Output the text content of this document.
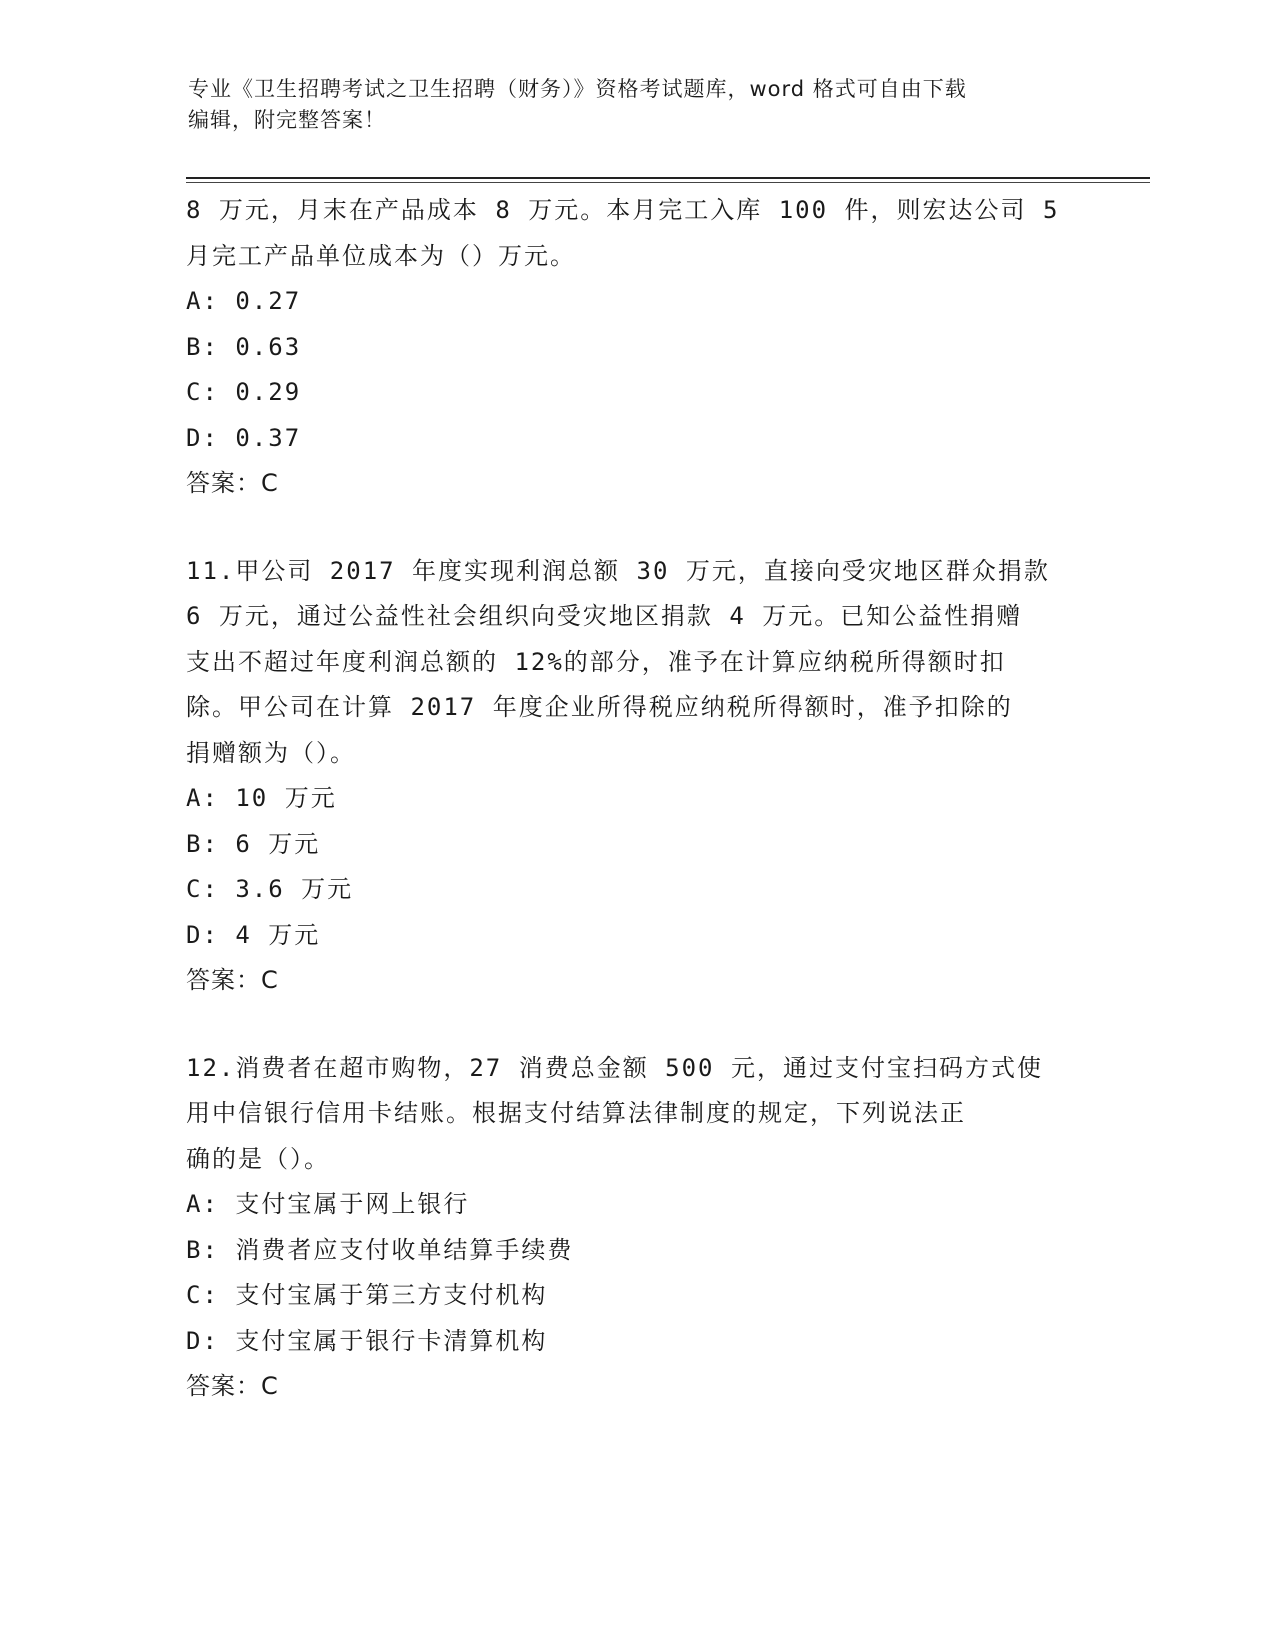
专业《卫生招聘考试之卫生招聘（财务）》资格考试题库，word 格式可自由下载
编辑，附完整答案！
8 万元，月末在产品成本 8 万元。本月完工入库 100 件，则宏达公司 5
月完工产品单位成本为（）万元。
A: 0.27
B: 0.63
C: 0.29
D: 0.37
答案：C
11.甲公司 2017 年度实现利润总额 30 万元，直接向受灾地区群众捐款
6 万元，通过公益性社会组织向受灾地区捐款 4 万元。已知公益性捐赠
支出不超过年度利润总额的 12%的部分，准予在计算应纳税所得额时扣
除。甲公司在计算 2017 年度企业所得税应纳税所得额时，准予扣除的
捐赠额为（）。
A: 10 万元
B: 6 万元
C: 3.6 万元
D: 4 万元
答案：C
12.消费者在超市购物，27 消费总金额 500 元，通过支付宝扫码方式使
用中信银行信用卡结账。根据支付结算法律制度的规定，下列说法正
确的是（）。
A: 支付宝属于网上银行
B: 消费者应支付收单结算手续费
C: 支付宝属于第三方支付机构
D: 支付宝属于银行卡清算机构
答案：C
